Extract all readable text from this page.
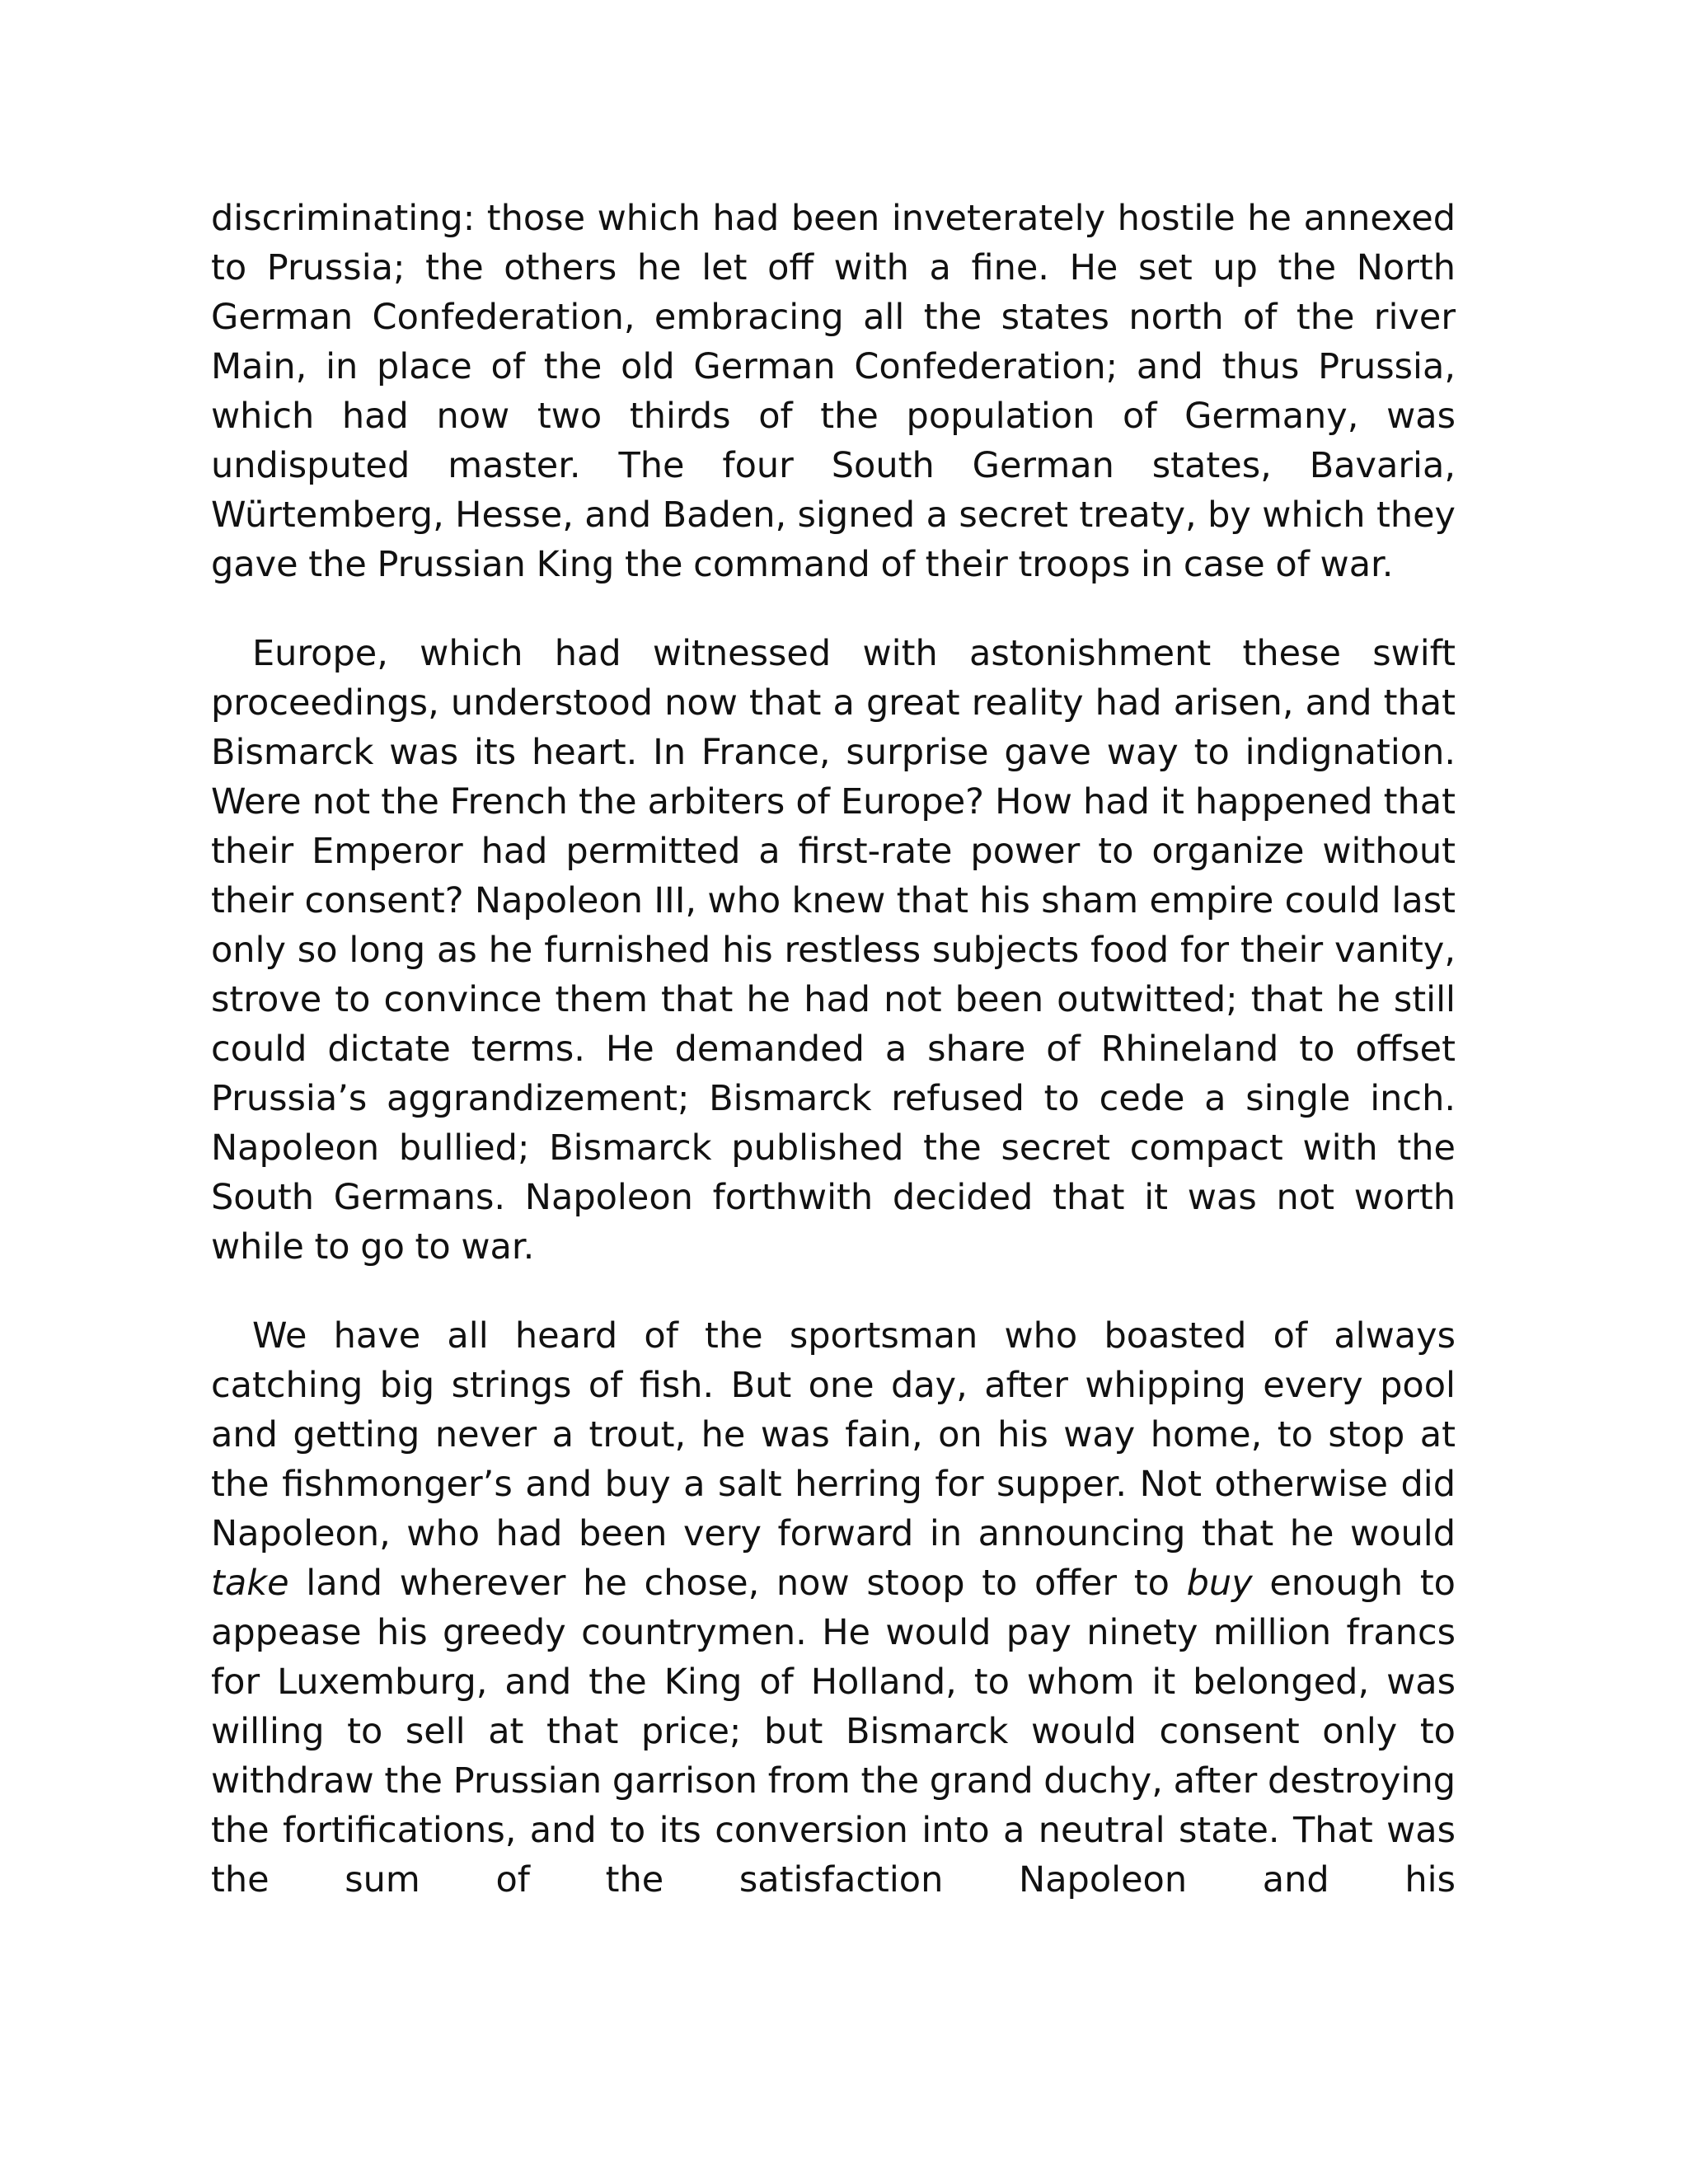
discriminating: those which had been inveterately hostile he annexed to Prussia; the others he let off with a fine. He set up the North German Confederation, embracing all the states north of the river Main, in place of the old German Confederation; and thus Prussia, which had now two thirds of the population of Germany, was undisputed master. The four South German states, Bavaria, Würtemberg, Hesse, and Baden, signed a secret treaty, by which they gave the Prussian King the command of their troops in case of war.

Europe, which had witnessed with astonishment these swift proceedings, understood now that a great reality had arisen, and that Bismarck was its heart. In France, surprise gave way to indignation. Were not the French the arbiters of Europe? How had it happened that their Emperor had permitted a first-rate power to organize without their consent? Napoleon III, who knew that his sham empire could last only so long as he furnished his restless subjects food for their vanity, strove to convince them that he had not been outwitted; that he still could dictate terms. He demanded a share of Rhineland to offset Prussia’s aggrandizement; Bismarck refused to cede a single inch. Napoleon bullied; Bismarck published the secret compact with the South Germans. Napoleon forthwith decided that it was not worth while to go to war.

We have all heard of the sportsman who boasted of always catching big strings of fish. But one day, after whipping every pool and getting never a trout, he was fain, on his way home, to stop at the fishmonger’s and buy a salt herring for supper. Not otherwise did Napoleon, who had been very forward in announcing that he would take land wherever he chose, now stoop to offer to buy enough to appease his greedy countrymen. He would pay ninety million francs for Luxemburg, and the King of Holland, to whom it belonged, was willing to sell at that price; but Bismarck would consent only to withdraw the Prussian garrison from the grand duchy, after destroying the fortifications, and to its conversion into a neutral state. That was the sum of the satisfaction Napoleon and his
